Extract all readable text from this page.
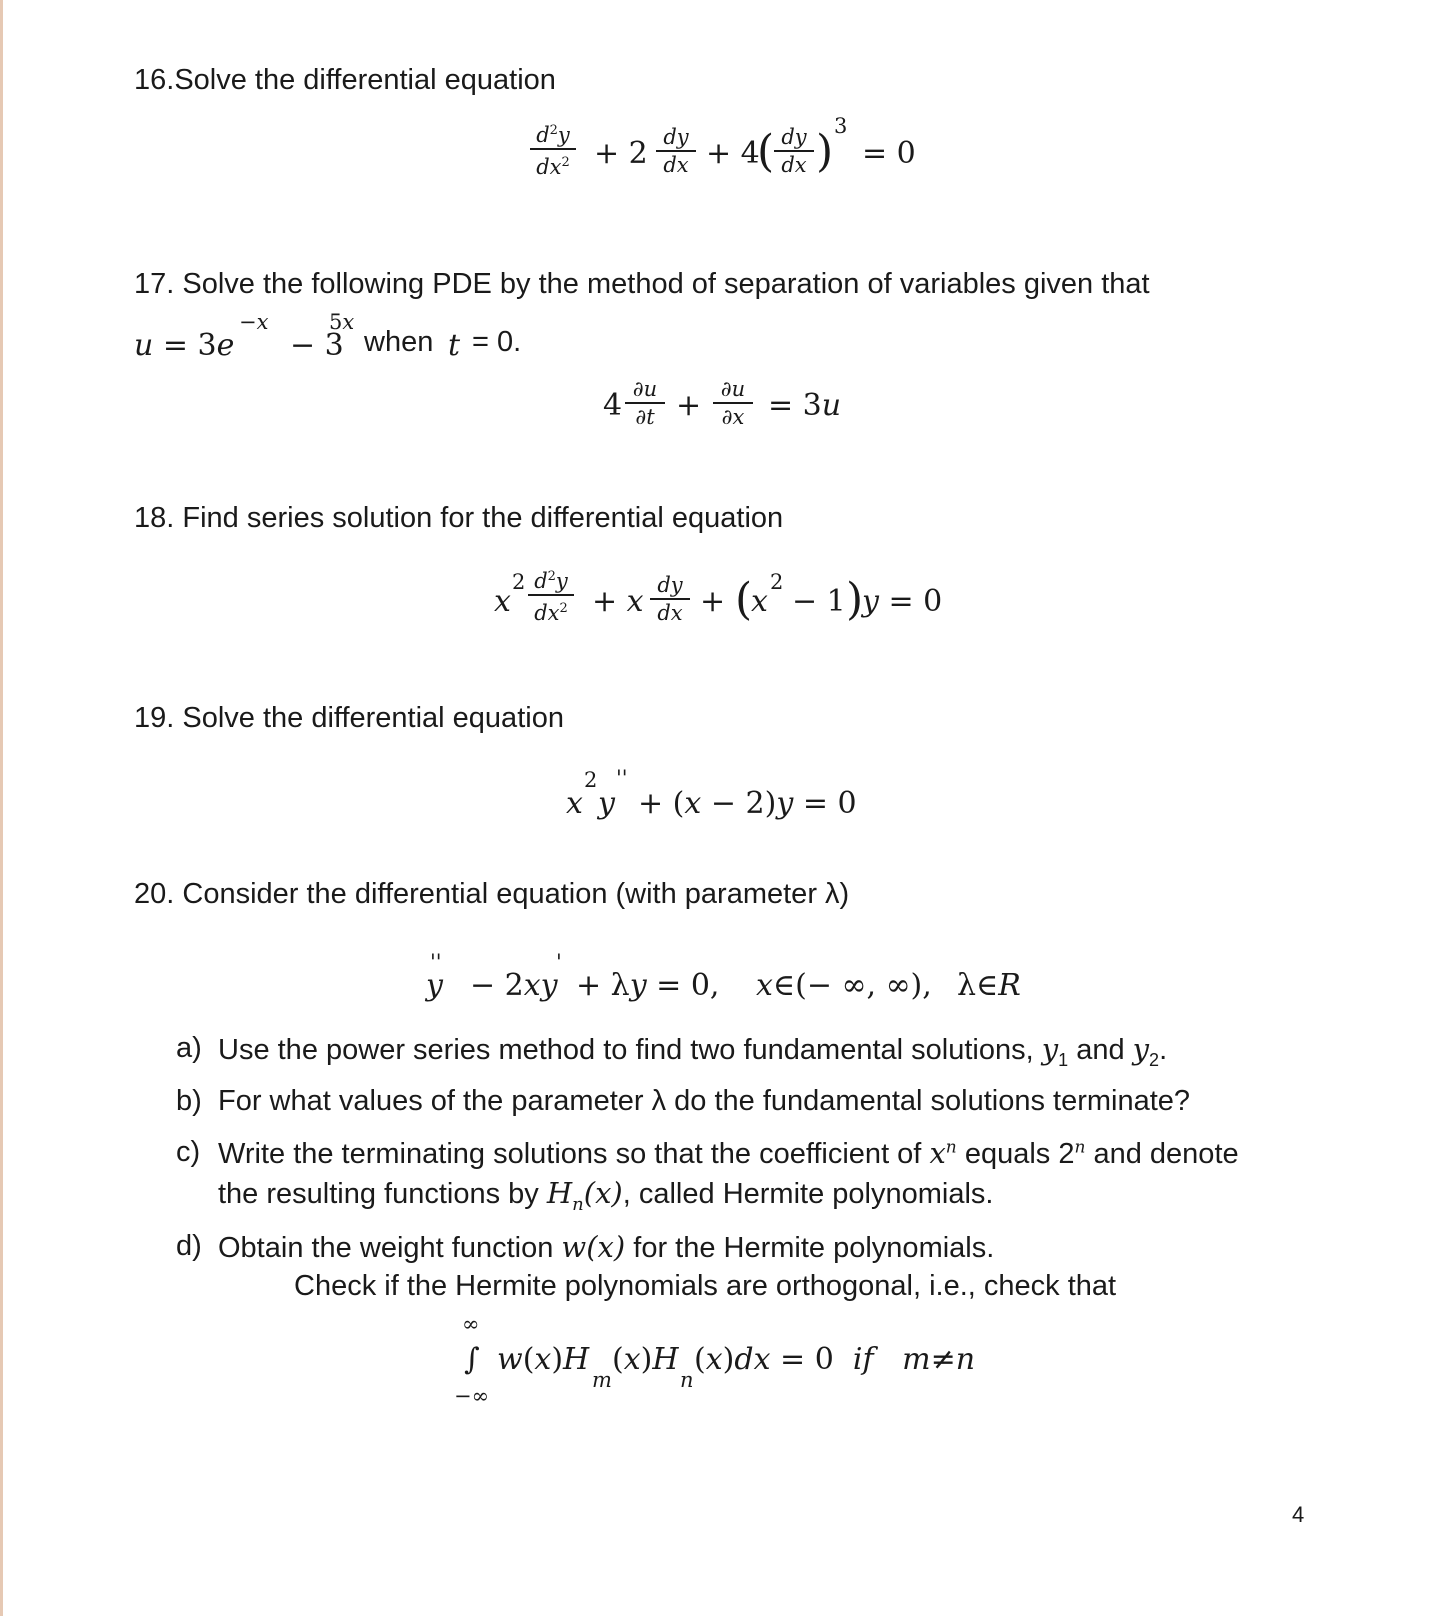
16.Solve the differential equation
$d^2y$
$dx^2 + 2$ dy
dx + 4
( dy
dx ) 3
= 0
17. Solve the following PDE by the method of separation of variables given that
u = 3e
−x
− 3
5x
when t = 0.
4 ∂u
∂t + ∂u
∂x = 3u
18. Find series solution for the differential equation
x
2 $d^2y$
$dx^2 + x$ dy
dx + (
x
2
− 1 )
y = 0
19. Solve the differential equation
x
2
y
''
+ (x − 2)y = 0
20. Consider the differential equation (with parameter λ)
y
''
− 2xy
'
+ λy = 0, x∈(− ∞, ∞), λ∈R
a) Use the power series method to find two fundamental solutions, $y_1$ and $y_2$.
b) For what values of the parameter λ do the fundamental solutions terminate?
c) Write the terminating solutions so that the coefficient of $x^n$ equals 2$^n$ and denote
the resulting functions by $H_n(x)$, called Hermite polynomials.
d) Obtain the weight function w(x) for the Hermite polynomials.
Check if the Hermite polynomials are orthogonal, i.e., check that
∞
∫
−∞
w(x)H
m
(x)H
n
(x)dx = 0  if   m≠n
4
